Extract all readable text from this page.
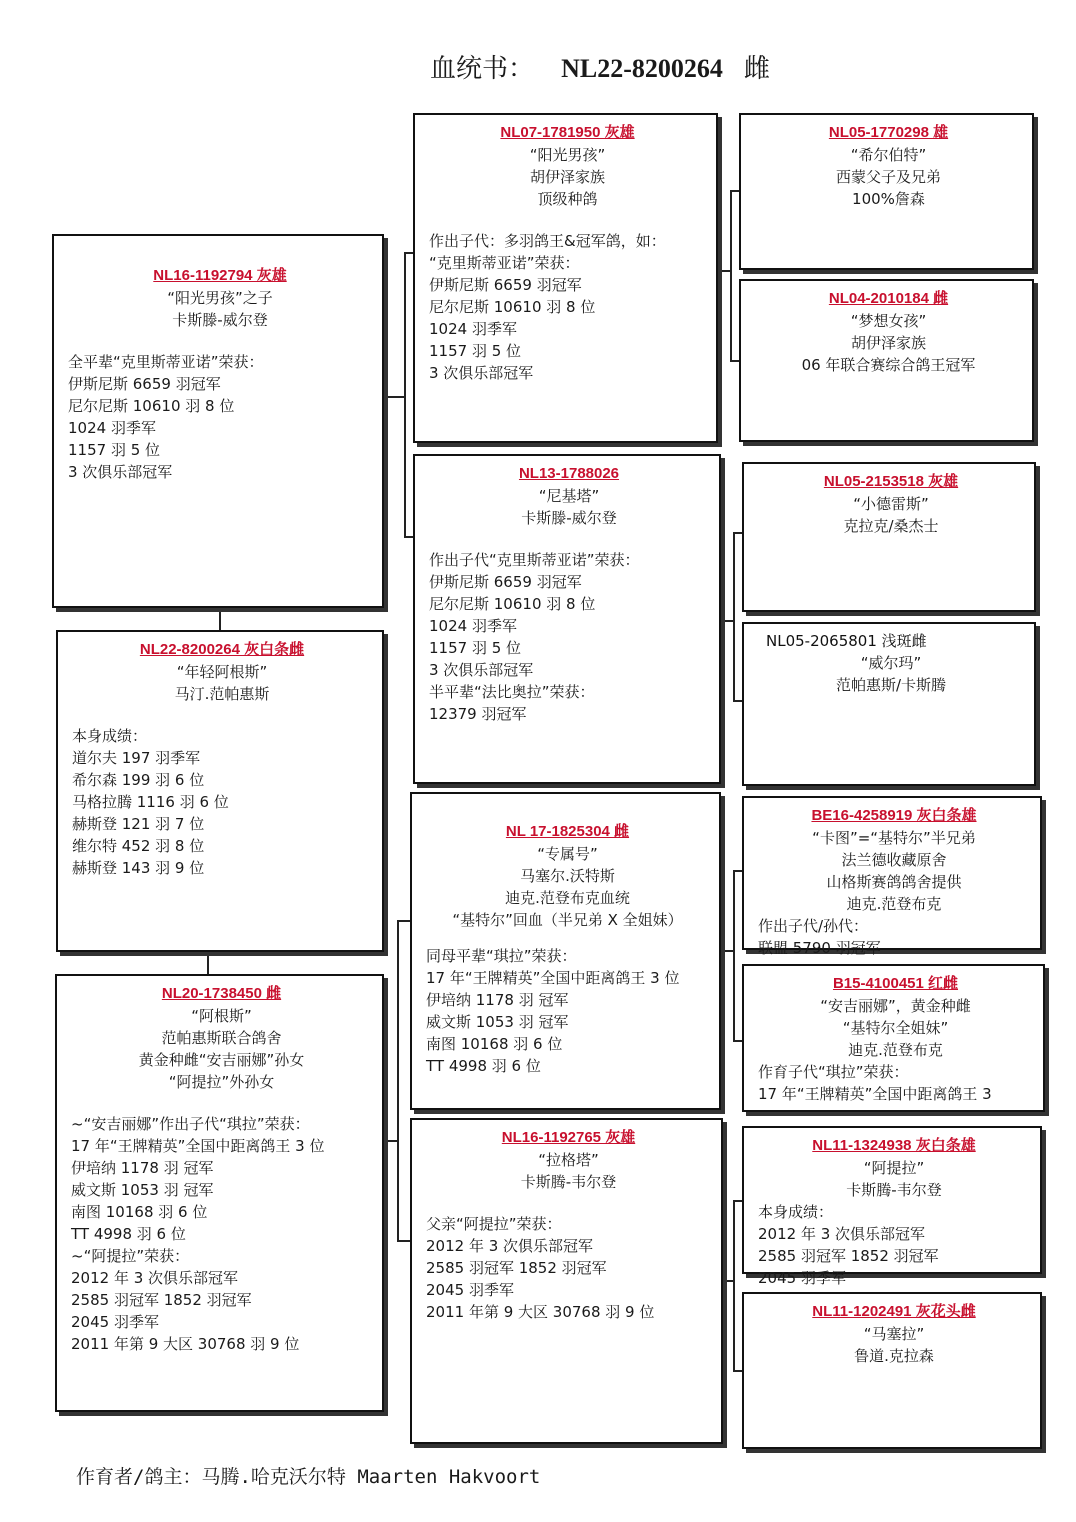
血统书： NL22-8200264 雌
NL16-1192794 灰雄
“阳光男孩”之子
卡斯滕-威尔登
全平辈“克里斯蒂亚诺”荣获：
伊斯尼斯 6659 羽冠军
尼尔尼斯 10610 羽 8 位
1024 羽季军
1157 羽 5 位
3 次俱乐部冠军
NL22-8200264 灰白条雌
“年轻阿根斯”
马汀.范帕惠斯
本身成绩：
道尔夫 197 羽季军
希尔森 199 羽 6 位
马格拉腾 1116 羽 6 位
赫斯登 121 羽 7 位
维尔特 452 羽 8 位
赫斯登 143 羽 9 位
NL20-1738450 雌
“阿根斯”
范帕惠斯联合鸽舍
黄金种雌“安吉丽娜”孙女
“阿提拉”外孙女
~“安吉丽娜”作出子代“琪拉”荣获：
17 年“王牌精英”全国中距离鸽王 3 位
伊培纳 1178 羽 冠军
威文斯 1053 羽 冠军
南图 10168 羽 6 位
TT 4998 羽 6 位
~“阿提拉”荣获：
2012 年 3 次俱乐部冠军
2585 羽冠军 1852 羽冠军
2045 羽季军
2011 年第 9 大区 30768 羽 9 位
NL07-1781950 灰雄
“阳光男孩”
胡伊泽家族
顶级种鸽
作出子代：多羽鸽王&冠军鸽，如：
“克里斯蒂亚诺”荣获：
伊斯尼斯 6659 羽冠军
尼尔尼斯 10610 羽 8 位
1024 羽季军
1157 羽 5 位
3 次俱乐部冠军
NL13-1788026
“尼基塔”
卡斯滕-威尔登
作出子代“克里斯蒂亚诺”荣获：
伊斯尼斯 6659 羽冠军
尼尔尼斯 10610 羽 8 位
1024 羽季军
1157 羽 5 位
3 次俱乐部冠军
半平辈“法比奥拉”荣获：
12379 羽冠军
NL 17-1825304 雌
“专属号”
马塞尔.沃特斯
迪克.范登布克血统
“基特尔”回血（半兄弟 X 全姐妹）
同母平辈“琪拉”荣获：
17 年“王牌精英”全国中距离鸽王 3 位
伊培纳 1178 羽 冠军
威文斯 1053 羽 冠军
南图 10168 羽 6 位
TT 4998 羽 6 位
NL16-1192765 灰雄
“拉格塔”
卡斯腾-韦尔登
父亲“阿提拉”荣获：
2012 年 3 次俱乐部冠军
2585 羽冠军 1852 羽冠军
2045 羽季军
2011 年第 9 大区 30768 羽 9 位
NL05-1770298 雄
“希尔伯特”
西蒙父子及兄弟
100%詹森
NL04-2010184 雌
“梦想女孩”
胡伊泽家族
06 年联合赛综合鸽王冠军
NL05-2153518 灰雄
“小德雷斯”
克拉克/桑杰士
NL05-2065801 浅斑雌
“威尔玛”
范帕惠斯/卡斯腾
BE16-4258919 灰白条雄
“卡图”=“基特尔”半兄弟
法兰德收藏原舍
山格斯赛鸽鸽舍提供
迪克.范登布克
作出子代/孙代：
联盟 5790 羽冠军
B15-4100451 红雌
“安吉丽娜”，黄金种雌
“基特尔全姐妹”
迪克.范登布克
作育子代“琪拉”荣获：
17 年“王牌精英”全国中距离鸽王 3
NL11-1324938 灰白条雄
“阿提拉”
卡斯腾-韦尔登
本身成绩：
2012 年 3 次俱乐部冠军
2585 羽冠军 1852 羽冠军
2045 羽季军
NL11-1202491 灰花头雌
“马塞拉”
鲁道.克拉森
作育者/鸽主：马腾.哈克沃尔特 Maarten Hakvoort
